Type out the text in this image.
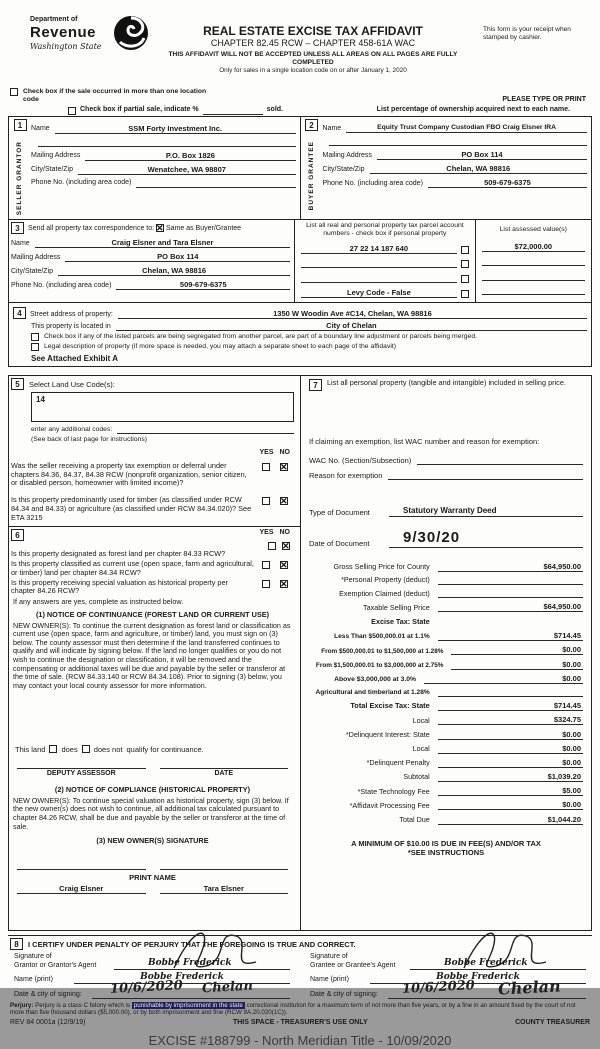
Department of
Revenue
Washington State
REAL ESTATE EXCISE TAX AFFIDAVIT
CHAPTER 82.45 RCW – CHAPTER 458-61A WAC
THIS AFFIDAVIT WILL NOT BE ACCEPTED UNLESS ALL AREAS ON ALL PAGES ARE FULLY COMPLETED
Only for sales in a single location code on or after January 1, 2020
This form is your receipt when stamped by cashier.
Check box if the sale occurred in more than one location code	PLEASE TYPE OR PRINT
Check box if partial sale, indicate %	sold.	List percentage of ownership acquired next to each name.
1
SELLER GRANTOR
Name	SSM Forty Investment Inc.

Mailing Address	P.O. Box 1826
City/State/Zip	Wenatchee, WA 98807
Phone No. (including area code)
2
BUYER GRANTEE
Name	Equity Trust Company Custodian FBO Craig Elsner IRA

Mailing Address	PO Box 114
City/State/Zip	Chelan, WA 98816
Phone No. (including area code)	509-679-6375
3	Send all property tax correspondence to: ✕ Same as Buyer/Grantee
Name	Craig Elsner and Tara Elsner
Mailing Address	PO Box 114
City/State/Zip	Chelan, WA 98816
Phone No. (including area code)	509-679-6375
List all real and personal property tax parcel account numbers - check box if personal property
27 22 14 187 640
Levy Code - False
List assessed value(s)
$72,000.00
4	Street address of property:	1350 W Woodin Ave #C14, Chelan, WA 98816
This property is located in	City of Chelan
Check box if any of the listed parcels are being segregated from another parcel, are part of a boundary line adjustment or parcels being merged.
Legal description of property (if more space is needed, you may attach a separate sheet to each page of the affidavit)
See Attached Exhibit A
5	Select Land Use Code(s):
14
enter any additional codes:
(See back of last page for instructions)
YES NO
Was the seller receiving a property tax exemption or deferral under chapters 84.36, 84.37, 84.38 RCW (nonprofit organization, senior citizen, or disabled person, homeowner with limited income)?
✕
Is this property predominantly used for timber (as classified under RCW 84.34 and 84.33) or agriculture (as classified under RCW 84.34.020)? See ETA 3215
✕
6	YES NO
✕
Is this property designated as forest land per chapter 84.33 RCW?
Is this property classified as current use (open space, farm and agricultural, or timber) land per chapter 84.34 RCW?
✕
Is this property receiving special valuation as historical property per chapter 84.26 RCW?
✕
If any answers are yes, complete as instructed below.
(1) NOTICE OF CONTINUANCE (FOREST LAND OR CURRENT USE)
NEW OWNER(S): To continue the current designation as forest land or classification as current use (open space, farm and agriculture, or timber) land, you must sign on (3) below. The county assessor must then determine if the land transferred continues to qualify and will indicate by signing below. If the land no longer qualifies or you do not wish to continue the designation or classification, it will be removed and the compensating or additional taxes will be due and payable by the seller or transferor at the time of sale. (RCW 84.33.140 or RCW 84.34.108). Prior to signing (3) below, you may contact your local county assessor for more information.
This land does does not qualify for continuance.
DEPUTY ASSESSOR	DATE
(2) NOTICE OF COMPLIANCE (HISTORICAL PROPERTY)
NEW OWNER(S): To continue special valuation as historical property, sign (3) below. If the new owner(s) does not wish to continue, all additional tax calculated pursuant to chapter 84.26 RCW, shall be due and payable by the seller or transferor at the time of sale.
(3) NEW OWNER(S) SIGNATURE
PRINT NAME
Craig Elsner	Tara Elsner
7	List all personal property (tangible and intangible) included in selling price.
If claiming an exemption, list WAC number and reason for exemption:
WAC No. (Section/Subsection)
Reason for exemption
Type of Document	Statutory Warranty Deed
Date of Document	9/30/20
Gross Selling Price for County	$64,950.00
*Personal Property (deduct)
Exemption Claimed (deduct)
Taxable Selling Price	$64,950.00
Excise Tax: State
Less Than $500,000.01 at 1.1%	$714.45
From $500,000.01 to $1,500,000 at 1.28%	$0.00
From $1,500,000.01 to $3,000,000 at 2.75%	$0.00
Above $3,000,000 at 3.0%	$0.00
Agricultural and timberland at 1.28%
Total Excise Tax: State	$714.45
Local	$324.75
*Delinquent Interest: State	$0.00
Local	$0.00
*Delinquent Penalty	$0.00
Subtotal	$1,039.20
*State Technology Fee	$5.00
*Affidavit Processing Fee	$0.00
Total Due	$1,044.20
A MINIMUM OF $10.00 IS DUE IN FEE(S) AND/OR TAX
*SEE INSTRUCTIONS
8	I CERTIFY UNDER PENALTY OF PERJURY THAT THE FOREGOING IS TRUE AND CORRECT.
Signature of
Grantor or Grantor's Agent	Bobbe Frederick
Name (print)	Bobbe Frederick
Date & city of signing:	10/6/2020 Chelan
Signature of
Grantee or Grantee's Agent	Bobbe Frederick
Name (print)	Bobbe Frederick
Date & city of signing:	10/6/2020 Chelan
Perjury: Perjury is a class C felony which is punishable by imprisonment in the state correctional institution for a maximum term of not more than five years, or by a fine in an amount fixed by the court of not more than five thousand dollars ($5,000.00), or by both imprisonment and fine (RCW 9A.20.020(1C)).
REV 84 0001a (12/9/19)	THIS SPACE - TREASURER'S USE ONLY	COUNTY TREASURER
EXCISE #188799 - North Meridian Title - 10/09/2020
